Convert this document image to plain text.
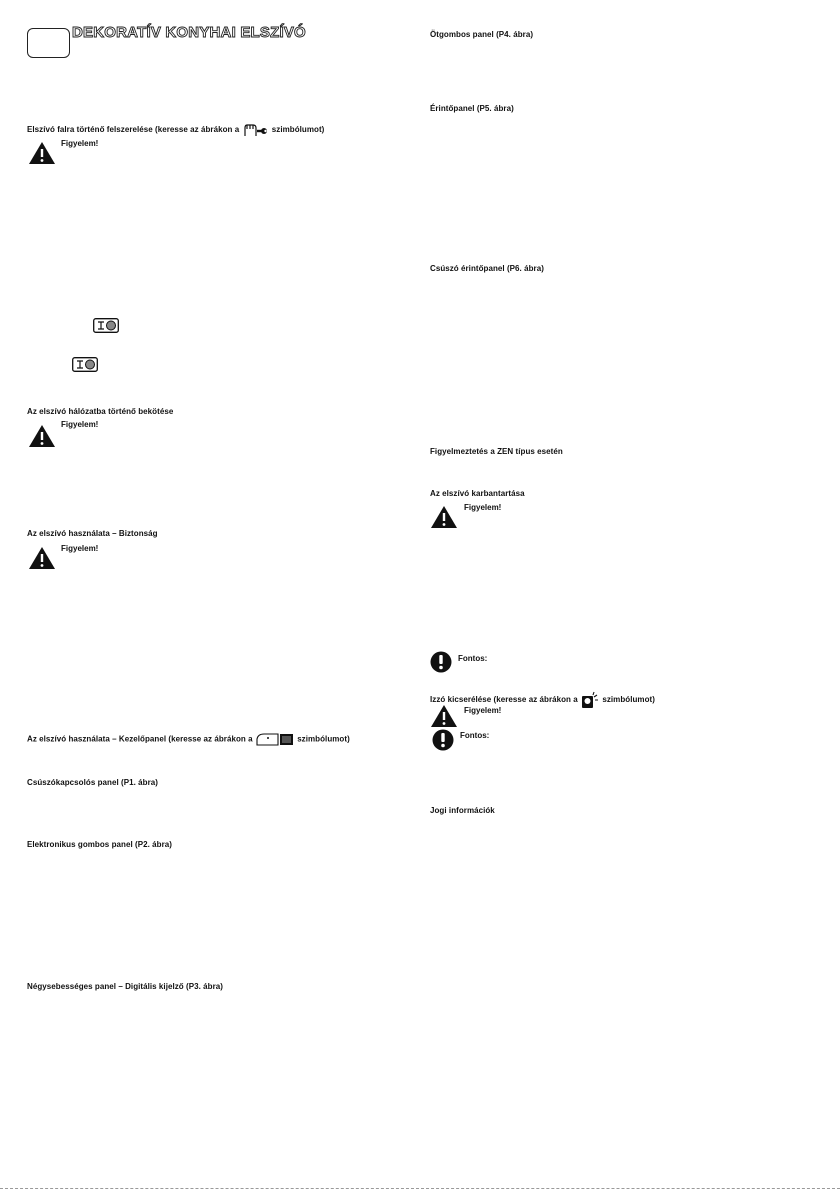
DEKORATÍV KONYHAI ELSZÍVÓ
Elszívó falra történő felszerelése (keresse az ábrákon a	szimbólumot)
Figyelem!
Az elszívó hálózatba történő bekötése
Figyelem!
Az elszívó használata – Biztonság
Figyelem!
Az elszívó használata – Kezelőpanel (keresse az ábrákon a	szimbólumot)
Csúszókapcsolós panel (P1. ábra)
Elektronikus gombos panel (P2. ábra)
Négysebességes panel – Digitális kijelző (P3. ábra)
Ötgombos panel (P4. ábra)
Érintőpanel (P5. ábra)
Csúszó érintőpanel (P6. ábra)
Figyelmeztetés a ZEN típus esetén
Az elszívó karbantartása
Figyelem!
Fontos:
Izzó kicserélése (keresse az ábrákon a	szimbólumot)
Figyelem!
Fontos:
Jogi információk
